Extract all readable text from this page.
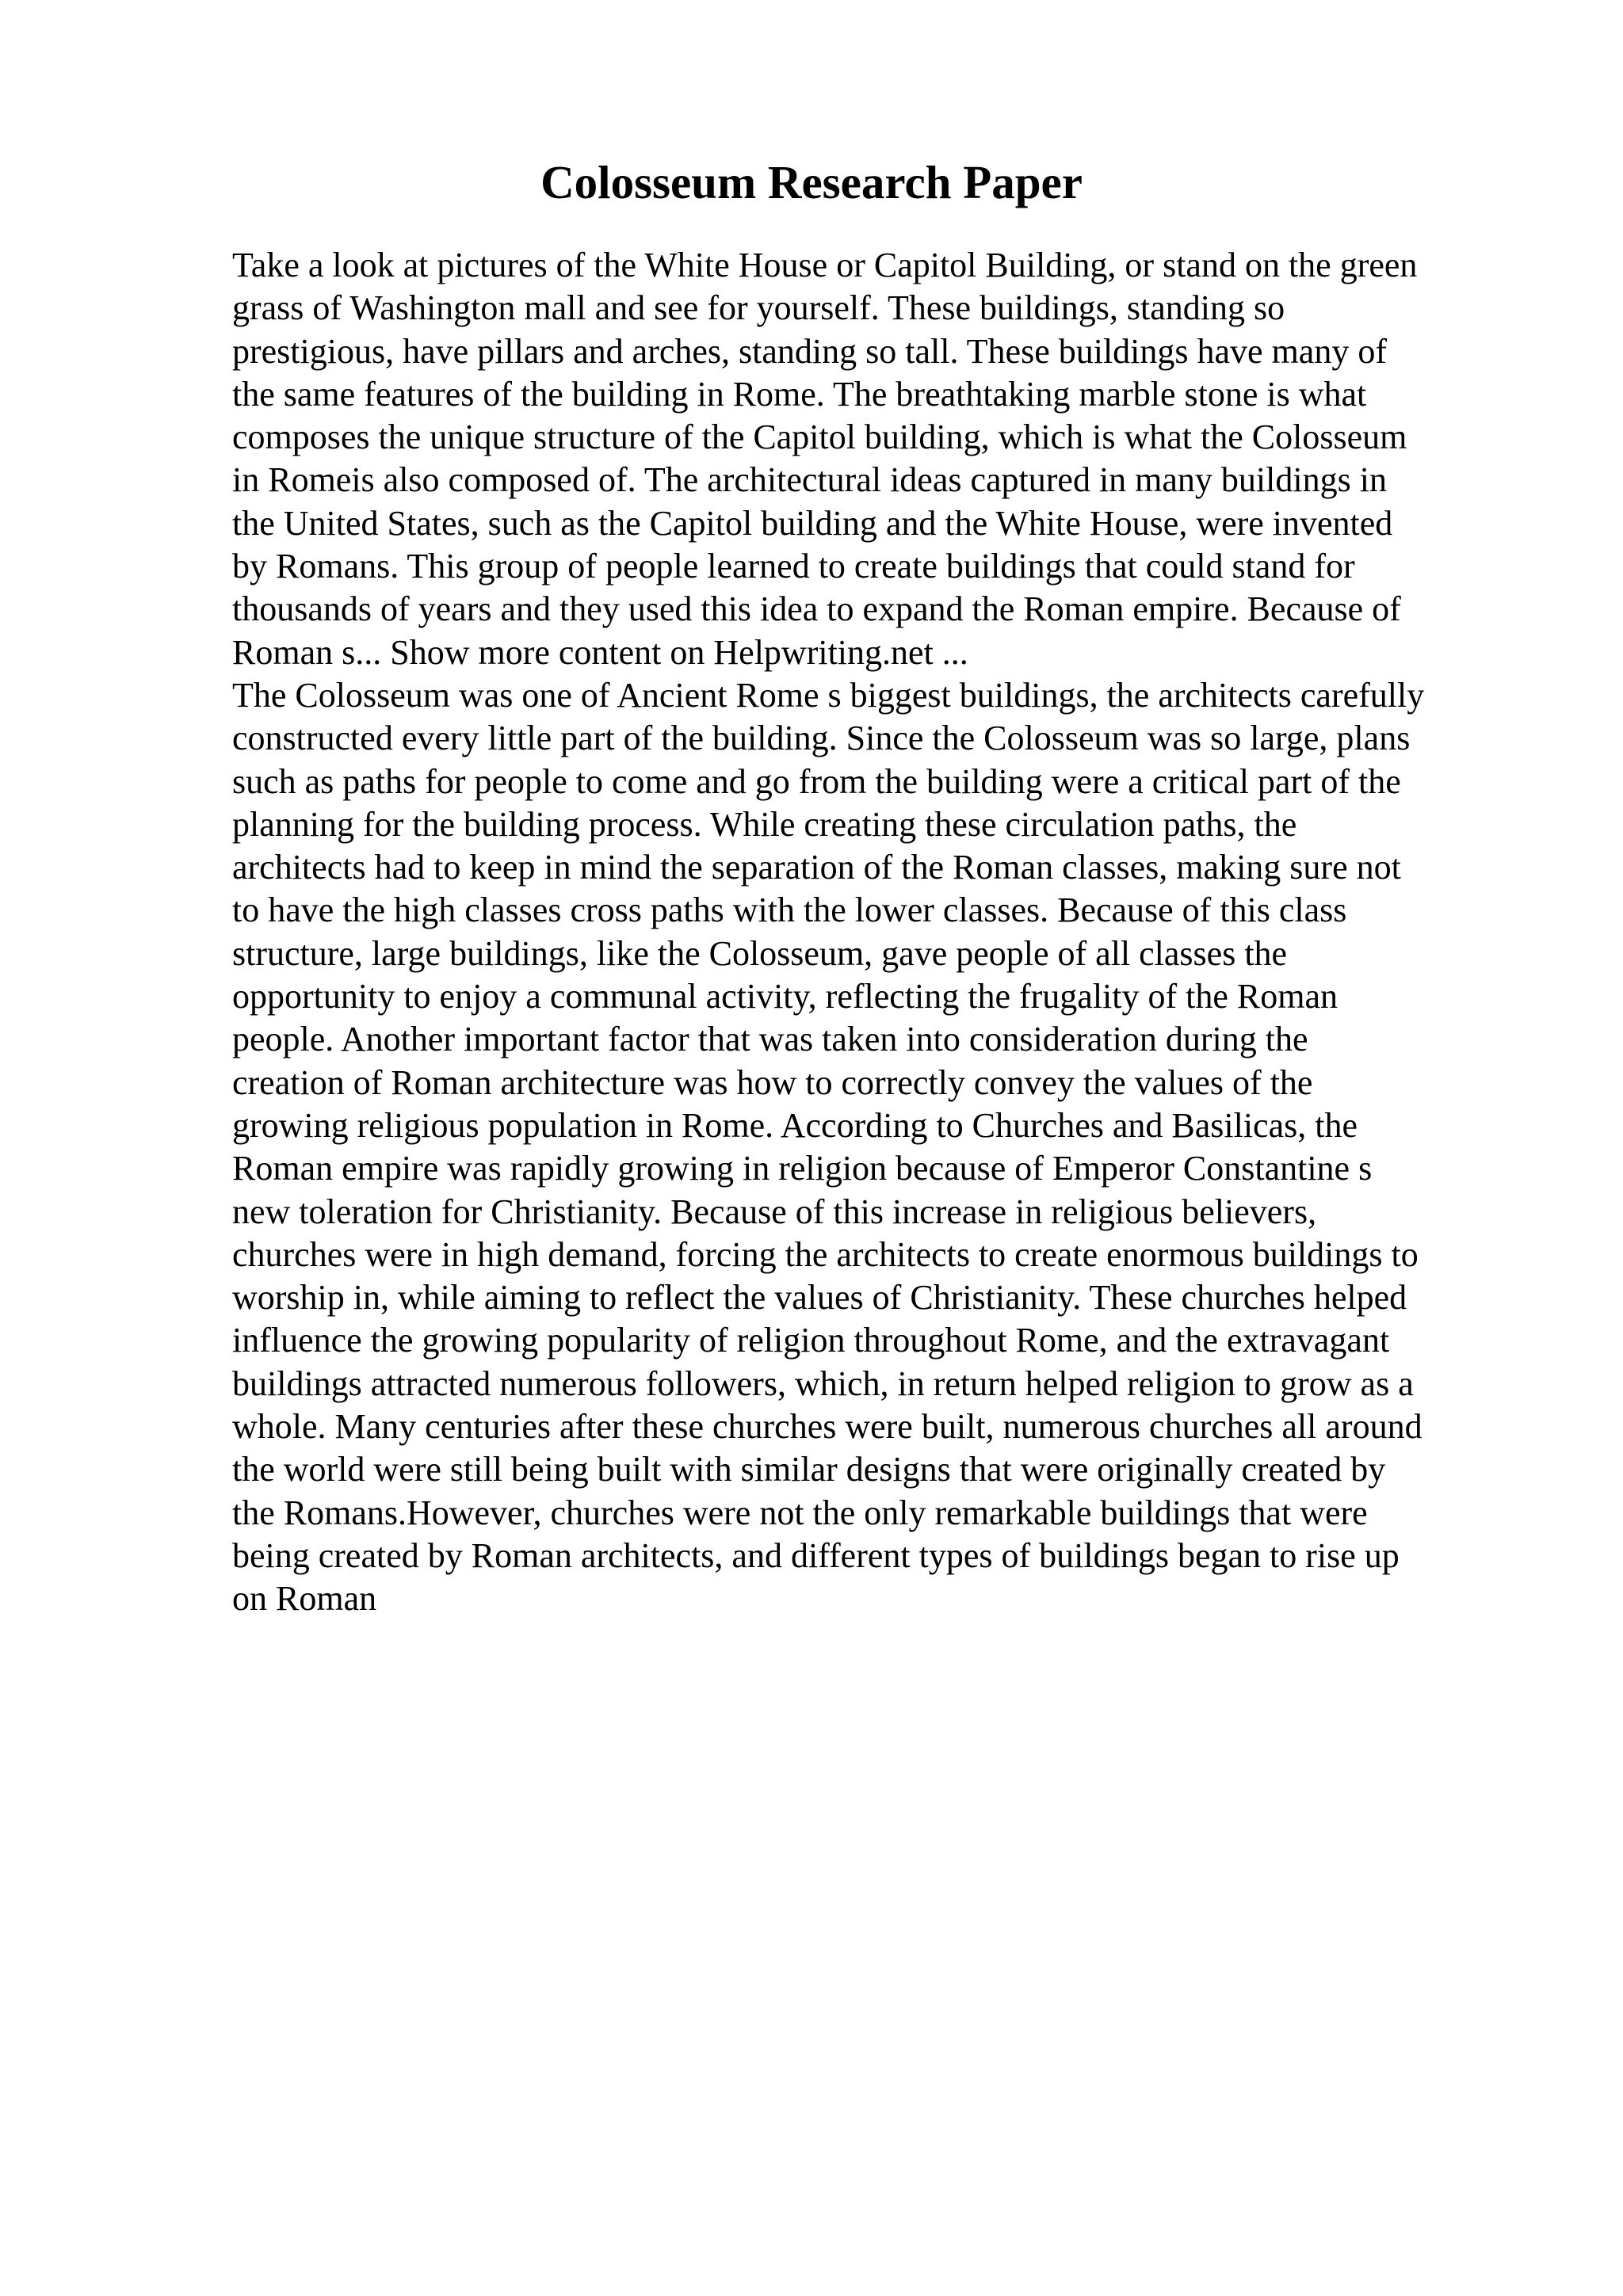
Colosseum Research Paper

Take a look at pictures of the White House or Capitol Building, or stand on the green
grass of Washington mall and see for yourself. These buildings, standing so
prestigious, have pillars and arches, standing so tall. These buildings have many of
the same features of the building in Rome. The breathtaking marble stone is what
composes the unique structure of the Capitol building, which is what the Colosseum
in Romeis also composed of. The architectural ideas captured in many buildings in
the United States, such as the Capitol building and the White House, were invented
by Romans. This group of people learned to create buildings that could stand for
thousands of years and they used this idea to expand the Roman empire. Because of
Roman s... Show more content on Helpwriting.net ...

The Colosseum was one of Ancient Rome s biggest buildings, the architects carefully
constructed every little part of the building. Since the Colosseum was so large, plans
such as paths for people to come and go from the building were a critical part of the
planning for the building process. While creating these circulation paths, the
architects had to keep in mind the separation of the Roman classes, making sure not
to have the high classes cross paths with the lower classes. Because of this class
structure, large buildings, like the Colosseum, gave people of all classes the
opportunity to enjoy a communal activity, reflecting the frugality of the Roman
people. Another important factor that was taken into consideration during the
creation of Roman architecture was how to correctly convey the values of the
growing religious population in Rome. According to Churches and Basilicas, the
Roman empire was rapidly growing in religion because of Emperor Constantine s
new toleration for Christianity. Because of this increase in religious believers,
churches were in high demand, forcing the architects to create enormous buildings to
worship in, while aiming to reflect the values of Christianity. These churches helped
influence the growing popularity of religion throughout Rome, and the extravagant
buildings attracted numerous followers, which, in return helped religion to grow as a
whole. Many centuries after these churches were built, numerous churches all around
the world were still being built with similar designs that were originally created by
the Romans.However, churches were not the only remarkable buildings that were
being created by Roman architects, and different types of buildings began to rise up
on Roman
